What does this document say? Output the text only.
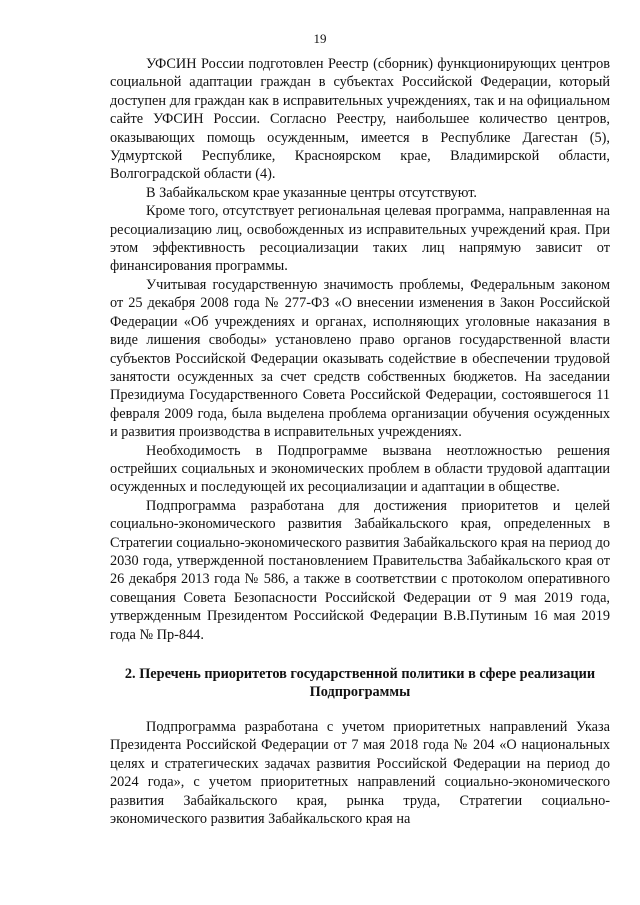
19

УФСИН России подготовлен Реестр (сборник) функционирующих центров социальной адаптации граждан в субъектах Российской Федерации, который доступен для граждан как в исправительных учреждениях, так и на официальном сайте УФСИН России. Согласно Реестру, наибольшее количество центров, оказывающих помощь осужденным, имеется в Республике Дагестан (5), Удмуртской Республике, Красноярском крае, Владимирской области, Волгоградской области (4).

В Забайкальском крае указанные центры отсутствуют.

Кроме того, отсутствует региональная целевая программа, направленная на ресоциализацию лиц, освобожденных из исправительных учреждений края. При этом эффективность ресоциализации таких лиц напрямую зависит от финансирования программы.

Учитывая государственную значимость проблемы, Федеральным законом от 25 декабря 2008 года № 277-ФЗ «О внесении изменения в Закон Российской Федерации «Об учреждениях и органах, исполняющих уголовные наказания в виде лишения свободы» установлено право органов государственной власти субъектов Российской Федерации оказывать содействие в обеспечении трудовой занятости осужденных за счет средств собственных бюджетов. На заседании Президиума Государственного Совета Российской Федерации, состоявшегося 11 февраля 2009 года, была выделена проблема организации обучения осужденных и развития производства в исправительных учреждениях.

Необходимость в Подпрограмме вызвана неотложностью решения острейших социальных и экономических проблем в области трудовой адаптации осужденных и последующей их ресоциализации и адаптации в обществе.

Подпрограмма разработана для достижения приоритетов и целей социально-экономического развития Забайкальского края, определенных в Стратегии социально-экономического развития Забайкальского края на период до 2030 года, утвержденной постановлением Правительства Забайкальского края от 26 декабря 2013 года № 586, а также в соответствии с протоколом оперативного совещания Совета Безопасности Российской Федерации от 9 мая 2019 года, утвержденным Президентом Российской Федерации В.В.Путиным 16 мая 2019 года № Пр-844.

2. Перечень приоритетов государственной политики в сфере реализации Подпрограммы

Подпрограмма разработана с учетом приоритетных направлений Указа Президента Российской Федерации от 7 мая 2018 года № 204 «О национальных целях и стратегических задачах развития Российской Федерации на период до 2024 года», с учетом приоритетных направлений социально-экономического развития Забайкальского края, рынка труда, Стратегии социально-экономического развития Забайкальского края на
